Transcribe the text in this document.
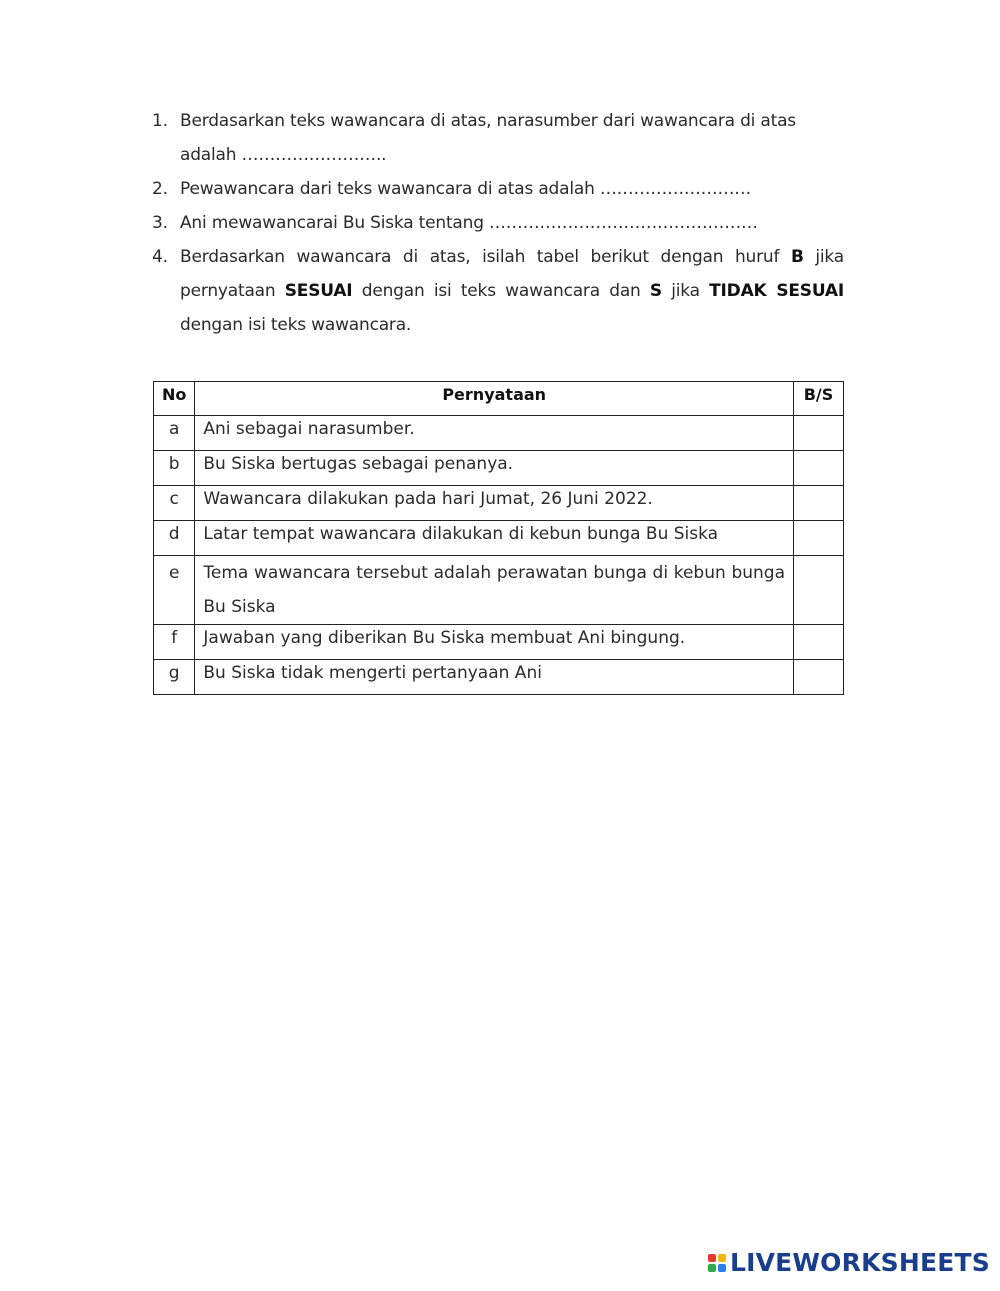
1. Berdasarkan teks wawancara di atas, narasumber dari wawancara di atas adalah ……………………..
2. Pewawancara dari teks wawancara di atas adalah ………………………
3. Ani mewawancarai Bu Siska tentang …………………………………………
4. Berdasarkan wawancara di atas, isilah tabel berikut dengan huruf B jika pernyataan SESUAI dengan isi teks wawancara dan S jika TIDAK SESUAI dengan isi teks wawancara.
No	Pernyataan	B/S
a	Ani sebagai narasumber.	
b	Bu Siska bertugas sebagai penanya.	
c	Wawancara dilakukan pada hari Jumat, 26 Juni 2022.	
d	Latar tempat wawancara dilakukan di kebun bunga Bu Siska	
e	Tema wawancara tersebut adalah perawatan bunga di kebun bunga Bu Siska	
f	Jawaban yang diberikan Bu Siska membuat Ani bingung.	
g	Bu Siska tidak mengerti pertanyaan Ani	
LIVEWORKSHEETS
